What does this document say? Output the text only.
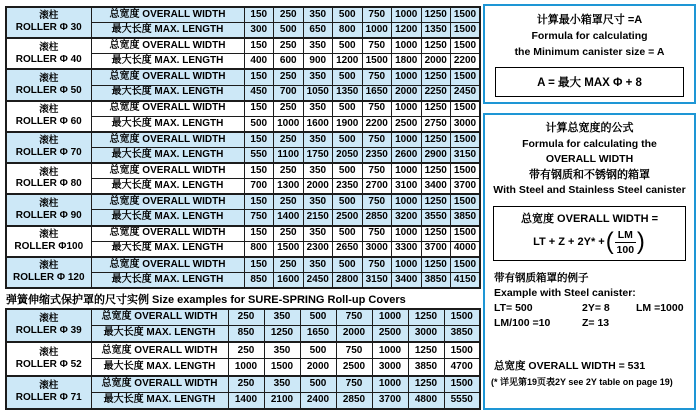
滚柱
ROLLER Φ 30	总宽度 OVERALL WIDTH	150	250	350	500	750	1000	1250	1500
	最大长度 MAX. LENGTH	300	500	650	800	1000	1200	1350	1500

滚柱
ROLLER Φ 40	总宽度 OVERALL WIDTH	150	250	350	500	750	1000	1250	1500
	最大长度 MAX. LENGTH	400	600	900	1200	1500	1800	2000	2200

滚柱
ROLLER Φ 50	总宽度 OVERALL WIDTH	150	250	350	500	750	1000	1250	1500
	最大长度 MAX. LENGTH	450	700	1050	1350	1650	2000	2250	2450

滚柱
ROLLER Φ 60	总宽度 OVERALL WIDTH	150	250	350	500	750	1000	1250	1500
	最大长度 MAX. LENGTH	500	1000	1600	1900	2200	2500	2750	3000

滚柱
ROLLER Φ 70	总宽度 OVERALL WIDTH	150	250	350	500	750	1000	1250	1500
	最大长度 MAX. LENGTH	550	1100	1750	2050	2350	2600	2900	3150

滚柱
ROLLER Φ 80	总宽度 OVERALL WIDTH	150	250	350	500	750	1000	1250	1500
	最大长度 MAX. LENGTH	700	1300	2000	2350	2700	3100	3400	3700

滚柱
ROLLER Φ 90	总宽度 OVERALL WIDTH	150	250	350	500	750	1000	1250	1500
	最大长度 MAX. LENGTH	750	1400	2150	2500	2850	3200	3550	3850

滚柱
ROLLER Φ100	总宽度 OVERALL WIDTH	150	250	350	500	750	1000	1250	1500
	最大长度 MAX. LENGTH	800	1500	2300	2650	3000	3300	3700	4000

滚柱
ROLLER Φ 120	总宽度 OVERALL WIDTH	150	250	350	500	750	1000	1250	1500
	最大长度 MAX. LENGTH	850	1600	2450	2800	3150	3400	3850	4150
弹簧伸缩式保护罩的尺寸实例 Size examples for SURE-SPRING Roll-up Covers
滚柱
ROLLER Φ 39	总宽度 OVERALL WIDTH	250	350	500	750	1000	1250	1500
	最大长度 MAX. LENGTH	850	1250	1650	2000	2500	3000	3850

滚柱
ROLLER Φ 52	总宽度 OVERALL WIDTH	250	350	500	750	1000	1250	1500
	最大长度 MAX. LENGTH	1000	1500	2000	2500	3000	3850	4700

滚柱
ROLLER Φ 71	总宽度 OVERALL WIDTH	250	350	500	750	1000	1250	1500
	最大长度 MAX. LENGTH	1400	2100	2400	2850	3700	4800	5550
计算最小箱罩尺寸 =A
Formula for calculating
the Minimum canister size = A
A = 最大 MAX Φ + 8
计算总宽度的公式
Formula for calculating the
OVERALL WIDTH
带有钢质和不锈钢的箱罩
With Steel and Stainless Steel canister
总宽度 OVERALL WIDTH =
LT + Z + 2Y* + ( $\frac{LM}{100}$ )
带有钢质箱罩的例子
Example with Steel canister:
LT= 500	2Y= 8	LM =1000
LM/100 =10	Z= 13
总宽度 OVERALL WIDTH = 531
(* 详见第19页表2Y see 2Y table on page 19)
